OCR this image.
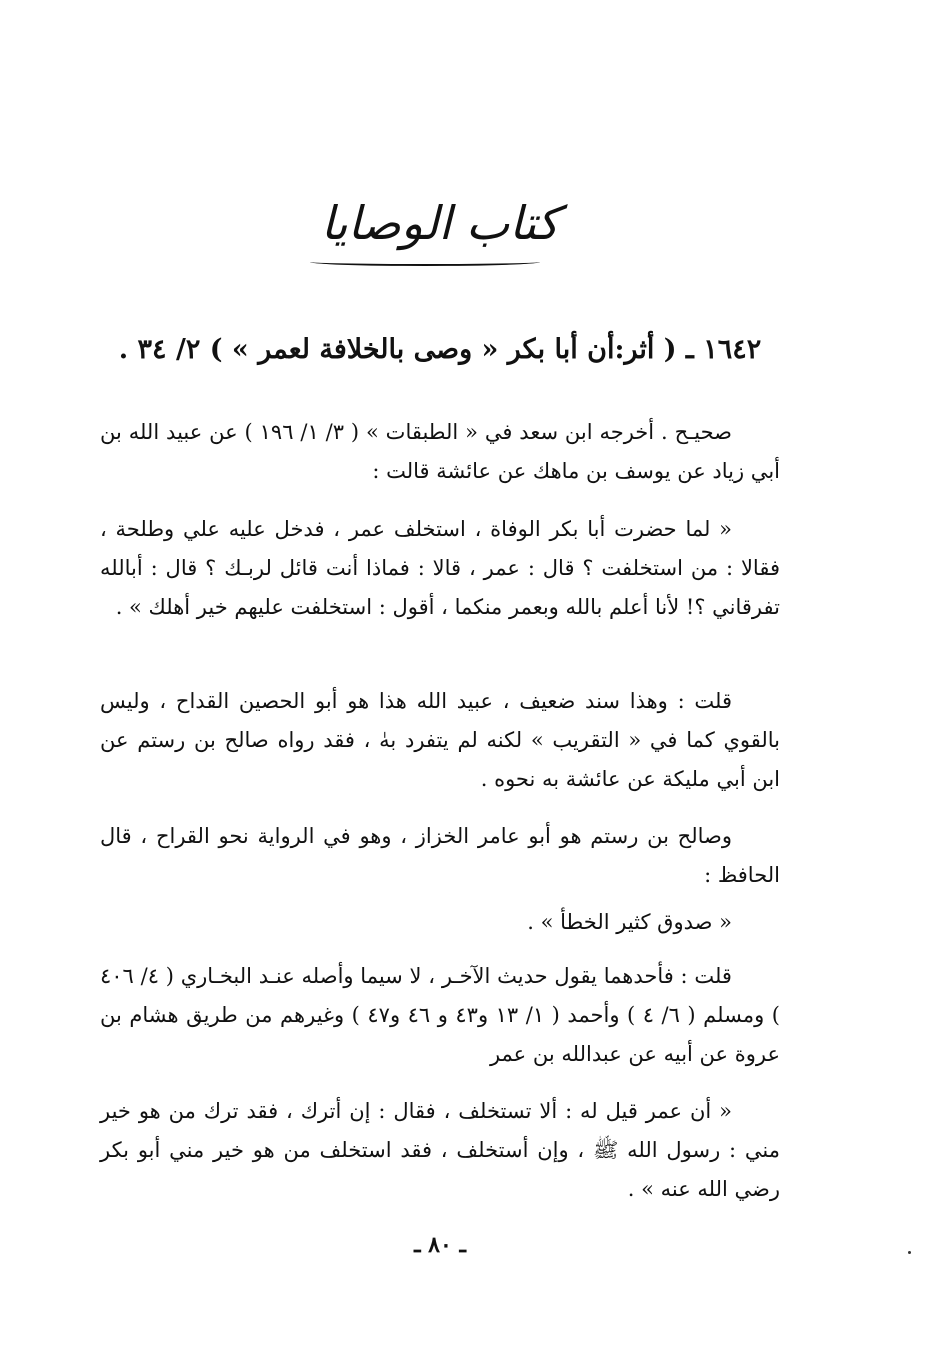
كتاب الوصايا
١٦٤٢ ـ ( أثر:أن أبا بكر « وصى بالخلافة لعمر » ) ٢/ ٣٤ .

صحيـح . أخرجه ابن سعد في « الطبقات » ( ٣/ ١/ ١٩٦ ) عن عبيد الله بن أبي زياد عن يوسف بن ماهك عن عائشة قالت :

« لما حضرت أبا بكر الوفاة ، استخلف عمر ، فدخل عليه علي وطلحة ، فقالا : من استخلفت ؟ قال : عمر ، قالا : فماذا أنت قائل لربـك ؟ قال : أبالله تفرقاني ؟! لأنا أعلم بالله وبعمر منكما ، أقول : استخلفت عليهم خير أهلك » .

قلت : وهذا سند ضعيف ، عبيد الله هذا هو أبو الحصين القداح ، وليس بالقوي كما في « التقريب » لكنه لم يتفرد بهٰ ، فقد رواه صالح بن رستم عن ابن أبي مليكة عن عائشة به نحوه .

وصالح بن رستم هو أبو عامر الخزاز ، وهو في الرواية نحو القراح ، قال الحافظ :

« صدوق كثير الخطأ » .

قلت : فأحدهما يقول حديث الآخـر ، لا سيما وأصله عنـد البخـاري ( ٤/ ٤٠٦ ) ومسلم ( ٦/ ٤ ) وأحمد ( ١/ ١٣ و٤٣ و ٤٦ و٤٧ ) وغيرهم من طريق هشام بن عروة عن أبيه عن عبدالله بن عمر

« أن عمر قيل له : ألا تستخلف ، فقال : إن أترك ، فقد ترك من هو خير مني : رسول الله ﷺ ، وإن أستخلف ، فقد استخلف من هو خير مني أبو بكر رضي الله عنه » .

ـ ٨٠ ـ
